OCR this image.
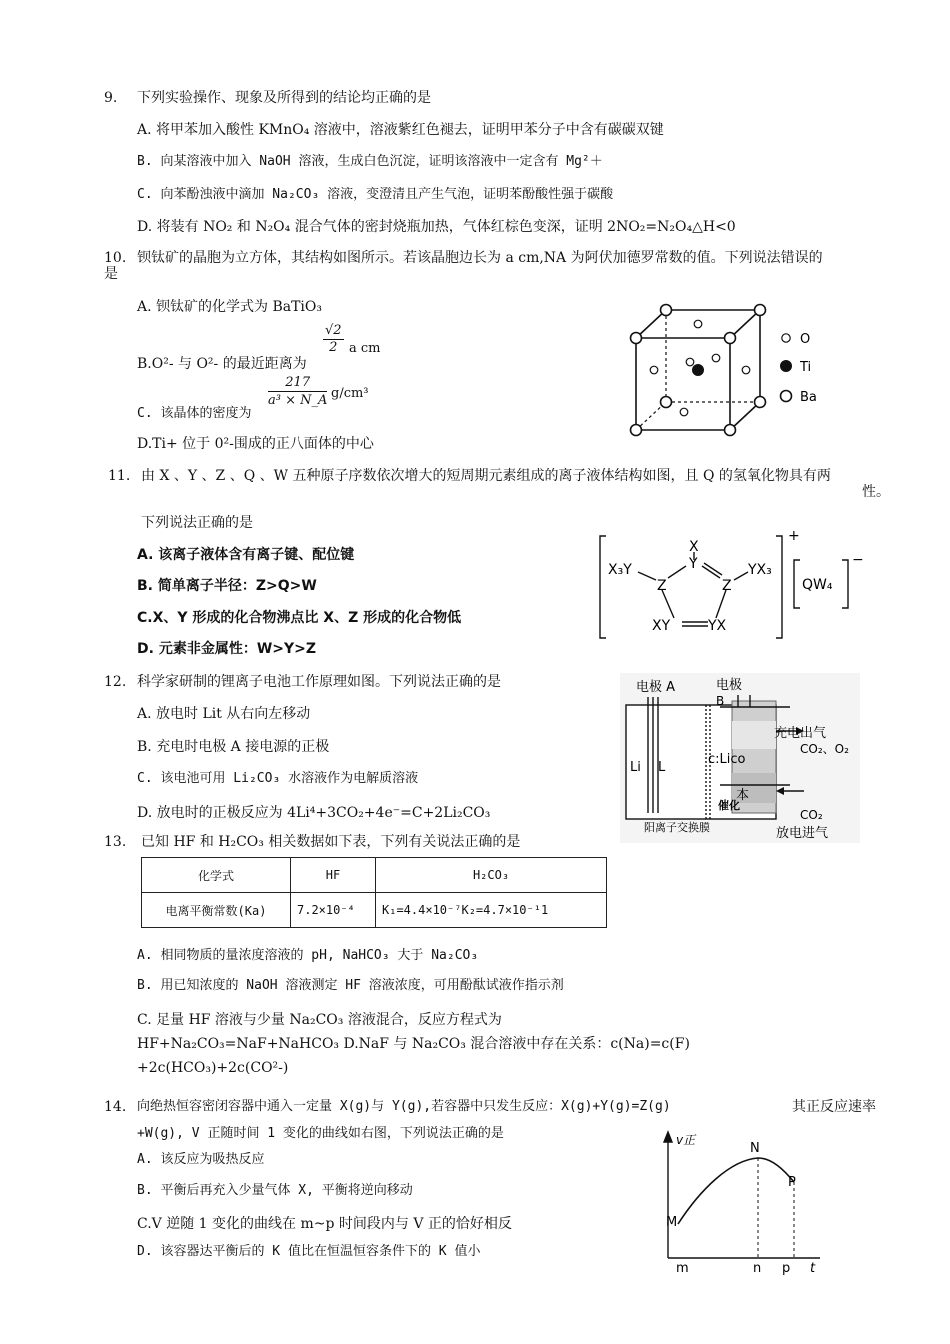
9. 下列实验操作、现象及所得到的结论均正确的是
A. 将甲苯加入酸性 KMnO₄ 溶液中，溶液紫红色褪去，证明甲苯分子中含有碳碳双键
B. 向某溶液中加入 NaOH 溶液，生成白色沉淀，证明该溶液中一定含有 Mg²＋
C. 向苯酚浊液中滴加 Na₂CO₃ 溶液，变澄清且产生气泡，证明苯酚酸性强于碳酸
D. 将装有 NO₂ 和 N₂O₄ 混合气体的密封烧瓶加热，气体红棕色变深，证明 2NO₂=N₂O₄△H<0
10. 钡钛矿的晶胞为立方体，其结构如图所示。若该晶胞边长为 a cm,NA 为阿伏加德罗常数的值。下列说法错误的
是
A. 钡钛矿的化学式为 BaTiO₃
B.O²- 与 O²- 的最近距离为
$\frac{√2}{2}$ a cm
C. 该晶体的密度为
$\frac{217}{\text{a³ × N\_A}} g/cm^3$
D.Ti+ 位于 0²-围成的正八面体的中心
O
Ti
Ba
11. 由 X 、Y 、Z 、Q 、W 五种原子序数依次增大的短周期元素组成的离子液体结构如图，且 Q 的氢氧化物具有两
性。
下列说法正确的是
A. 该离子液体含有离子键、配位键
B. 简单离子半径：Z>Q>W
C.X、Y 形成的化合物沸点比 X、Z 形成的化合物低
D. 元素非金属性：W>Y>Z
X
Y
X₃Y	YX₃
Z	Z
XY	YX
+
QW₄
−
12. 科学家研制的锂离子电池工作原理如图。下列说法正确的是
A. 放电时 Lit 从右向左移动
B. 充电时电极 A 接电源的正极
C. 该电池可用 Li₂CO₃ 水溶液作为电解质溶液
D. 放电时的正极反应为 4Li⁴+3CO₂+4e⁻=C+2Li₂CO₃
电极 A	电极
B
充电出气
CO₂、O₂
Li L
c:Lico
本
催化
阳离子交换膜
CO₂
放电进气
13. 已知 HF 和 H₂CO₃ 相关数据如下表，下列有关说法正确的是
化学式	HF	H₂CO₃
电离平衡常数(Ka)	7.2×10⁻⁴	K₁=4.4×10⁻⁷K₂=4.7×10⁻¹1
A. 相同物质的量浓度溶液的 pH, NaHCO₃ 大于 Na₂CO₃
B. 用已知浓度的 NaOH 溶液测定 HF 溶液浓度，可用酚酞试液作指示剂
C. 足量 HF 溶液与少量 Na₂CO₃ 溶液混合，反应方程式为
HF+Na₂CO₃=NaF+NaHCO₃ D.NaF 与 Na₂CO₃ 混合溶液中存在关系：c(Na)=c(F)
+2c(HCO₃)+2c(CO²-)
14. 向绝热恒容密闭容器中通入一定量 X(g)与 Y(g),若容器中只发生反应：X(g)+Y(g)=Z(g)	其正反应速率
+W(g), V 正随时间 1 变化的曲线如右图，下列说法正确的是
A. 该反应为吸热反应
B. 平衡后再充入少量气体 X, 平衡将逆向移动
C.V 逆随 1 变化的曲线在 m~p 时间段内与 V 正的恰好相反
D. 该容器达平衡后的 K 值比在恒温恒容条件下的 K 值小
v正
M
N
P
m	n p t
